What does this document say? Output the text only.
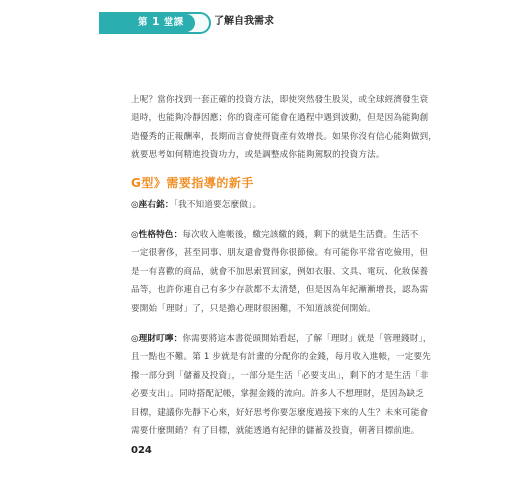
第 1 堂課	了解自我需求
上呢？當你找到一套正確的投資方法，即使突然發生股災，或全球經濟發生衰
退時，也能夠冷靜因應；你的資產可能會在過程中遇到波動，但是因為能夠創
造優秀的正報酬率，長期而言會使得資產有效增長。如果你沒有信心能夠做到，
就要思考如何精進投資功力，或是調整成你能夠駕馭的投資方法。
G型》需要指導的新手
◎座右銘：「我不知道要怎麼做」。
◎性格特色：每次收入進帳後，繳完該繳的錢，剩下的就是生活費。生活不
一定很奢侈，甚至同事、朋友還會覺得你很節儉。有可能你平常省吃儉用，但
是一有喜歡的商品，就會不加思索買回家，例如衣服、文具、電玩、化妝保養
品等，也許你連自己有多少存款都不太清楚，但是因為年紀漸漸增長，認為需
要開始「理財」了，只是擔心理財很困難，不知道該從何開始。
◎理財叮嚀：你需要將這本書從頭開始看起，了解「理財」就是「管理錢財」，
且一點也不難。第 1 步就是有計畫的分配你的金錢，每月收入進帳，一定要先
撥一部分到「儲蓄及投資」，一部分是生活「必要支出」，剩下的才是生活「非
必要支出」。同時搭配記帳，掌握金錢的流向。許多人不想理財，是因為缺乏
目標，建議你先靜下心來，好好思考你要怎麼度過接下來的人生？未來可能會
需要什麼開銷？有了目標，就能透過有紀律的儲蓄及投資，朝著目標前進。
024
